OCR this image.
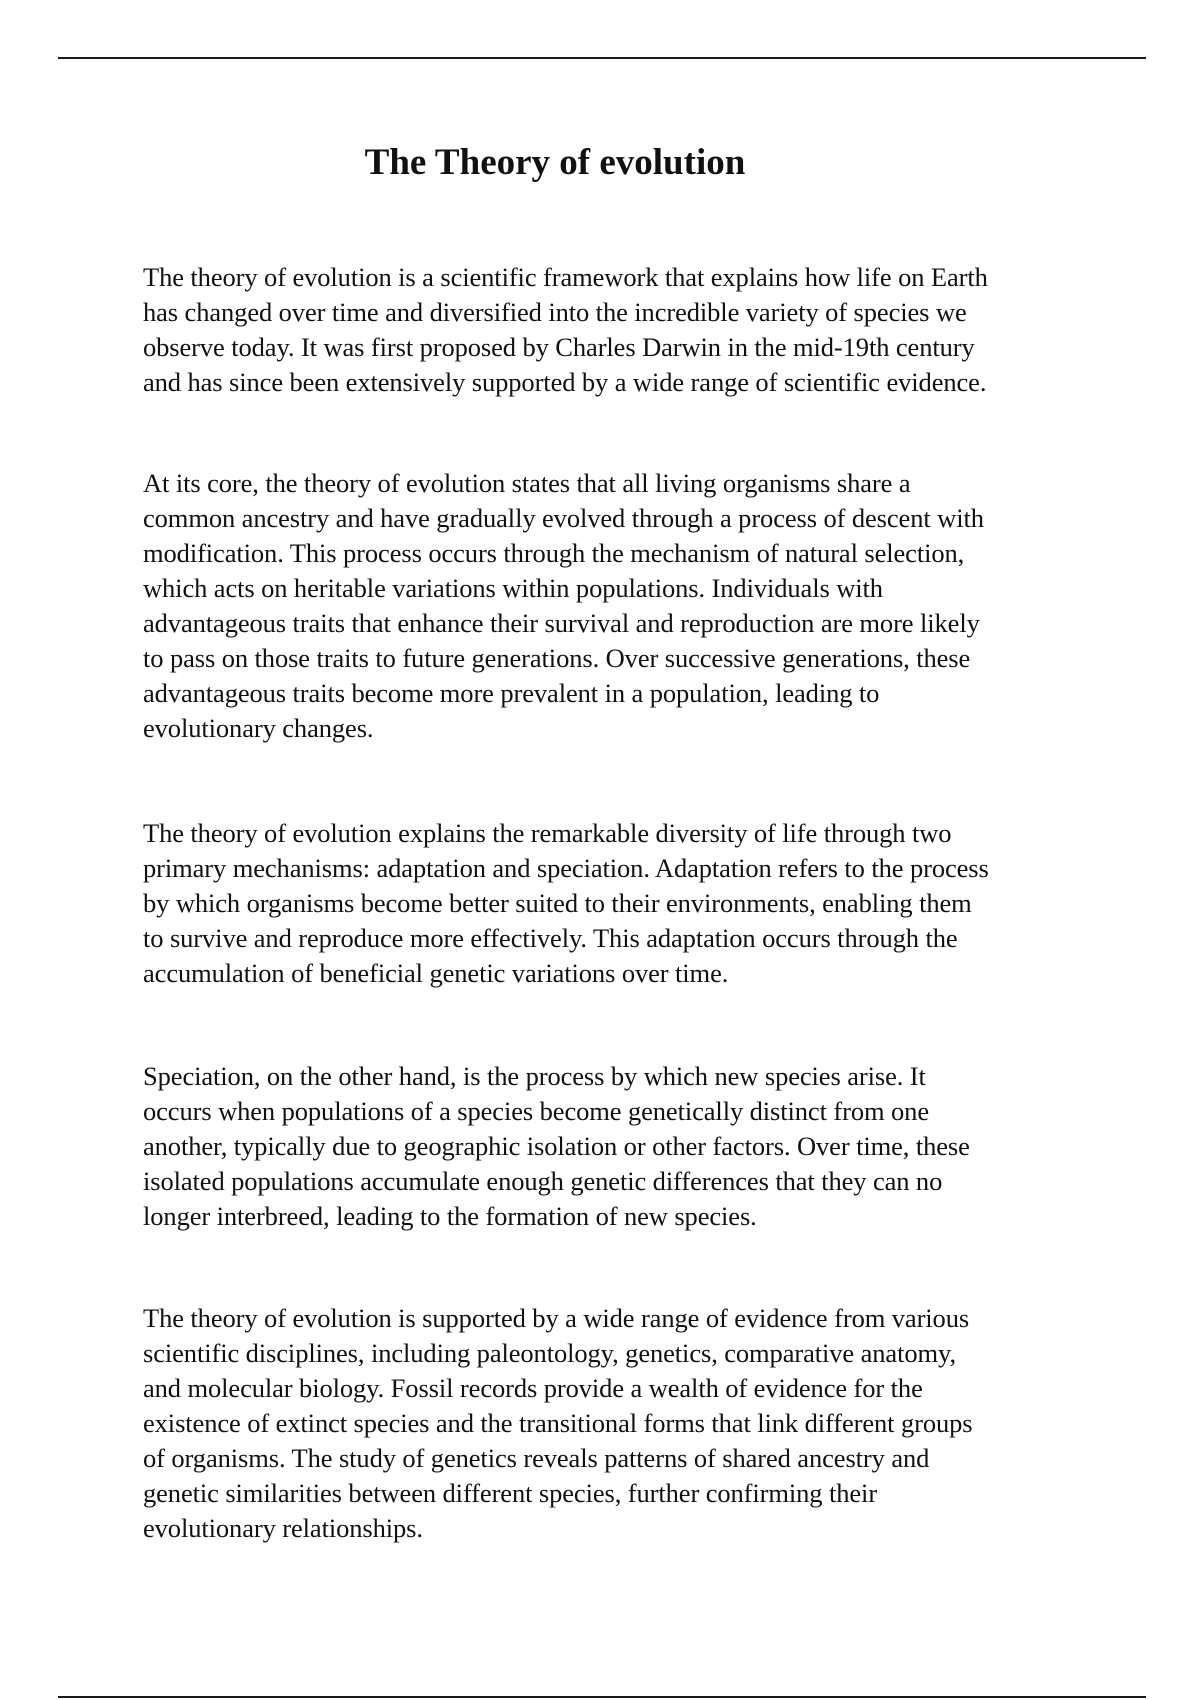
The Theory of evolution

The theory of evolution is a scientific framework that explains how life on Earth
has changed over time and diversified into the incredible variety of species we
observe today. It was first proposed by Charles Darwin in the mid-19th century
and has since been extensively supported by a wide range of scientific evidence.

At its core, the theory of evolution states that all living organisms share a
common ancestry and have gradually evolved through a process of descent with
modification. This process occurs through the mechanism of natural selection,
which acts on heritable variations within populations. Individuals with
advantageous traits that enhance their survival and reproduction are more likely
to pass on those traits to future generations. Over successive generations, these
advantageous traits become more prevalent in a population, leading to
evolutionary changes.

The theory of evolution explains the remarkable diversity of life through two
primary mechanisms: adaptation and speciation. Adaptation refers to the process
by which organisms become better suited to their environments, enabling them
to survive and reproduce more effectively. This adaptation occurs through the
accumulation of beneficial genetic variations over time.

Speciation, on the other hand, is the process by which new species arise. It
occurs when populations of a species become genetically distinct from one
another, typically due to geographic isolation or other factors. Over time, these
isolated populations accumulate enough genetic differences that they can no
longer interbreed, leading to the formation of new species.

The theory of evolution is supported by a wide range of evidence from various
scientific disciplines, including paleontology, genetics, comparative anatomy,
and molecular biology. Fossil records provide a wealth of evidence for the
existence of extinct species and the transitional forms that link different groups
of organisms. The study of genetics reveals patterns of shared ancestry and
genetic similarities between different species, further confirming their
evolutionary relationships.
